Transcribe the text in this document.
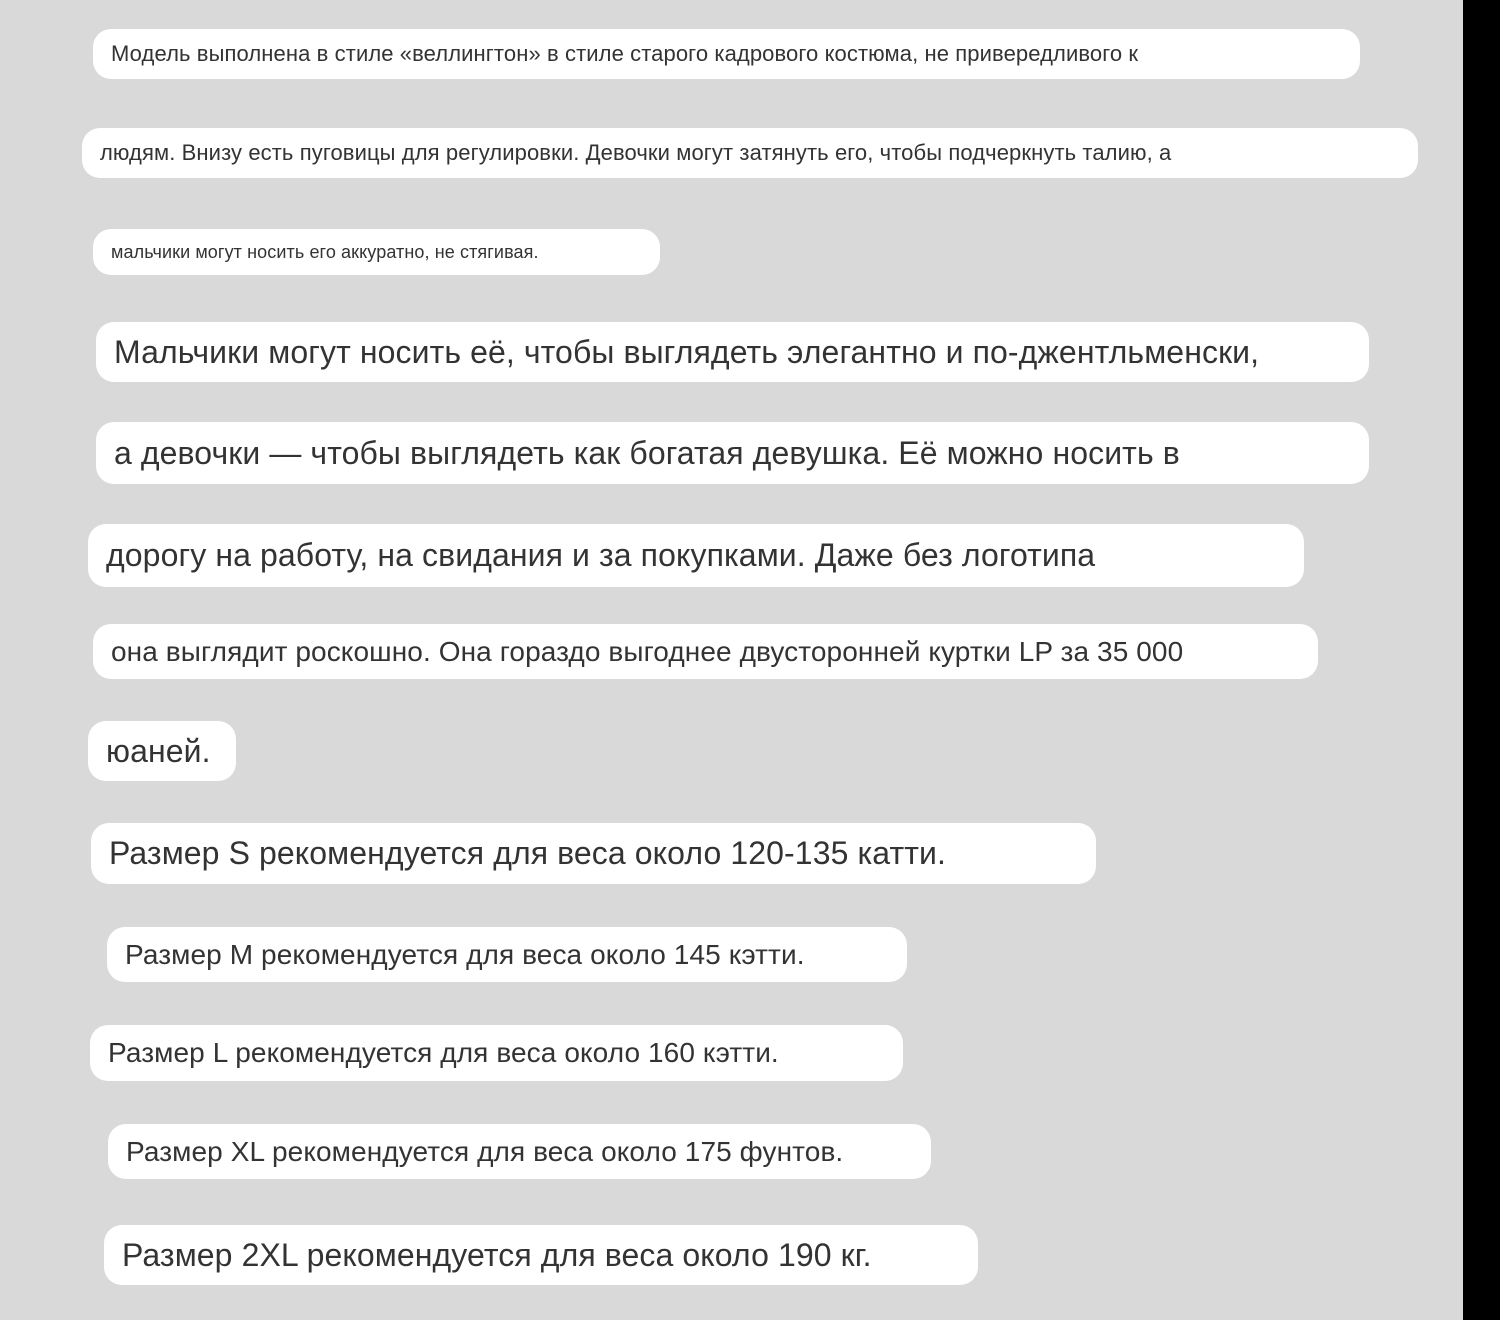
Модель выполнена в стиле «веллингтон» в стиле старого кадрового костюма, не привередливого к
людям. Внизу есть пуговицы для регулировки. Девочки могут затянуть его, чтобы подчеркнуть талию, а
мальчики могут носить его аккуратно, не стягивая.
Мальчики могут носить её, чтобы выглядеть элегантно и по-джентльменски,
а девочки — чтобы выглядеть как богатая девушка. Её можно носить в
дорогу на работу, на свидания и за покупками. Даже без логотипа
она выглядит роскошно. Она гораздо выгоднее двусторонней куртки LP за 35 000
юаней.
Размер S рекомендуется для веса около 120-135 катти.
Размер M рекомендуется для веса около 145 кэтти.
Размер L рекомендуется для веса около 160 кэтти.
Размер XL рекомендуется для веса около 175 фунтов.
Размер 2XL рекомендуется для веса около 190 кг.
